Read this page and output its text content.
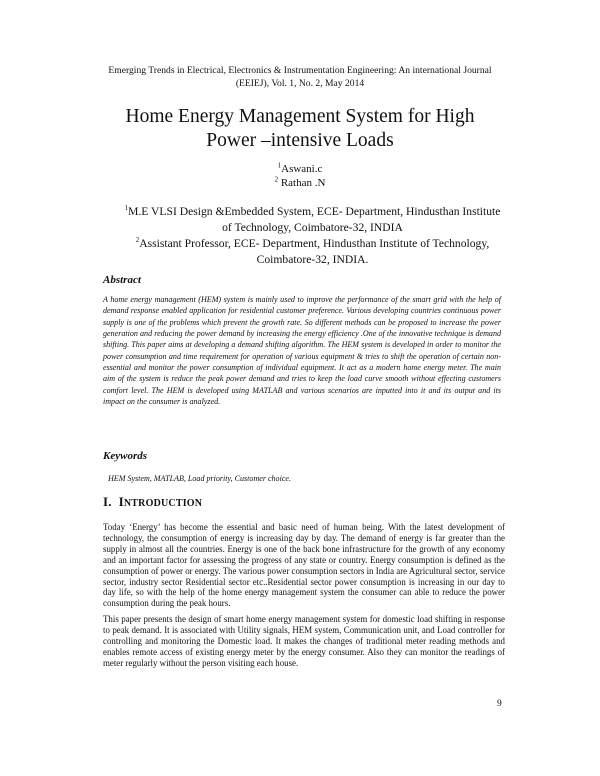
Emerging Trends in Electrical, Electronics & Instrumentation Engineering: An international Journal
(EEIEJ), Vol. 1, No. 2, May 2014
Home Energy Management System for High
Power –intensive Loads
$^1$Aswani.c
$^2$ Rathan .N
$^1$M.E VLSI Design &Embedded System, ECE- Department, Hindusthan Institute
of Technology, Coimbatore-32, INDIA
$^2$Assistant Professor, ECE- Department, Hindusthan Institute of Technology,
Coimbatore-32, INDIA.
Abstract
A home energy management (HEM) system is mainly used to improve the performance of the smart grid with the help of demand response enabled application for residential customer preference. Various developing countries continuous power supply is one of the problems which prevent the growth rate. So different methods can be proposed to increase the power generation and reducing the power demand by increasing the energy efficiency .One of the innovative technique is demand shifting. This paper aims at developing a demand shifting algorithm. The HEM system is developed in order to monitor the power consumption and time requirement for operation of various equipment & tries to shift the operation of certain non-essential and monitor the power consumption of individual equipment. It act as a modern home energy meter. The main aim of the system is reduce the peak power demand and tries to keep the load curve smooth without effecting customers comfort level. The HEM is developed using MATLAB and various scenarios are inputted into it and its output and its impact on the consumer is analyzed.
Keywords
HEM System, MATLAB, Load priority, Customer choice.
I. INTRODUCTION
Today ‘Energy’ has become the essential and basic need of human being. With the latest development of technology, the consumption of energy is increasing day by day. The demand of energy is far greater than the supply in almost all the countries. Energy is one of the back bone infrastructure for the growth of any economy and an important factor for assessing the progress of any state or country. Energy consumption is defined as the consumption of power or energy. The various power consumption sectors in India are Agricultural sector, service sector, industry sector Residential sector etc..Residential sector power consumption is increasing in our day to day life, so with the help of the home energy management system the consumer can able to reduce the power consumption during the peak hours.
This paper presents the design of smart home energy management system for domestic load shifting in response to peak demand. It is associated with Utility signals, HEM system, Communication unit, and Load controller for controlling and monitoring the Domestic load. It makes the changes of traditional meter reading methods and enables remote access of existing energy meter by the energy consumer. Also they can monitor the readings of meter regularly without the person visiting each house.
9
